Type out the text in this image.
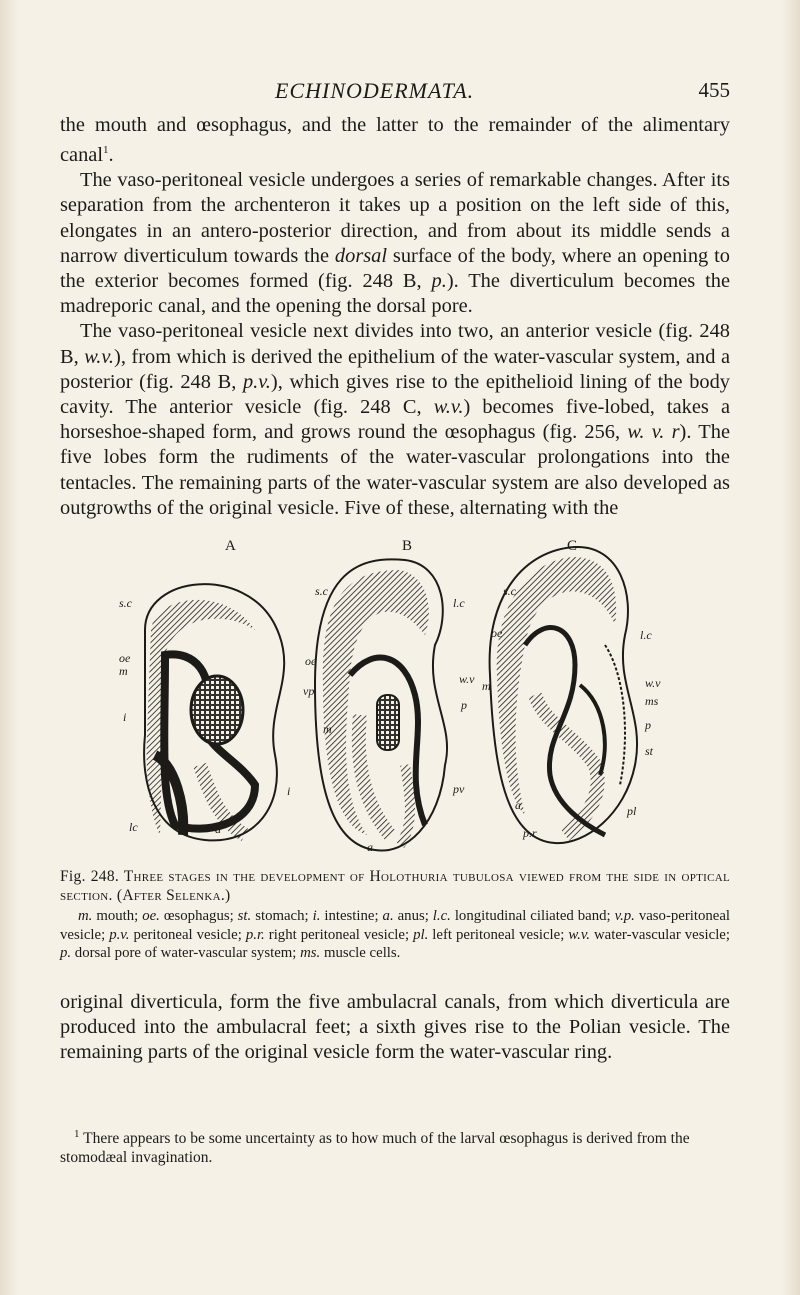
ECHINODERMATA.	455

the mouth and œsophagus, and the latter to the remainder of the alimentary canal$^1$.

The vaso-peritoneal vesicle undergoes a series of remarkable changes. After its separation from the archenteron it takes up a position on the left side of this, elongates in an antero-posterior direction, and from about its middle sends a narrow diverticulum towards the dorsal surface of the body, where an opening to the exterior becomes formed (fig. 248 B, p.). The diverticulum becomes the madreporic canal, and the opening the dorsal pore.

The vaso-peritoneal vesicle next divides into two, an anterior vesicle (fig. 248 B, w.v.), from which is derived the epithelium of the water-vascular system, and a posterior (fig. 248 B, p.v.), which gives rise to the epithelioid lining of the body cavity. The anterior vesicle (fig. 248 C, w.v.) becomes five-lobed, takes a horseshoe-shaped form, and grows round the œsophagus (fig. 256, w. v. r). The five lobes form the rudiments of the water-vascular prolongations into the tentacles. The remaining parts of the water-vascular system are also developed as outgrowths of the original vesicle. Five of these, alternating with the

A	B	C
s.c
oe
m
i
lc	a
s.c
l.c
oe
m
vp
i	pv
a
s.c
oe
m
w.v
p
l.c
w.v
ms
p
st
a
p.r
pl
Fig. 248. Three stages in the development of Holothuria tubulosa viewed from the side in optical section. (After Selenka.)
m. mouth; oe. œsophagus; st. stomach; i. intestine; a. anus; l.c. longitudinal ciliated band; v.p. vaso-peritoneal vesicle; p.v. peritoneal vesicle; p.r. right peritoneal vesicle; pl. left peritoneal vesicle; w.v. water-vascular vesicle; p. dorsal pore of water-vascular system; ms. muscle cells.

original diverticula, form the five ambulacral canals, from which diverticula are produced into the ambulacral feet; a sixth gives rise to the Polian vesicle. The remaining parts of the original vesicle form the water-vascular ring.

$^1$ There appears to be some uncertainty as to how much of the larval œsophagus is derived from the stomodæal invagination.
